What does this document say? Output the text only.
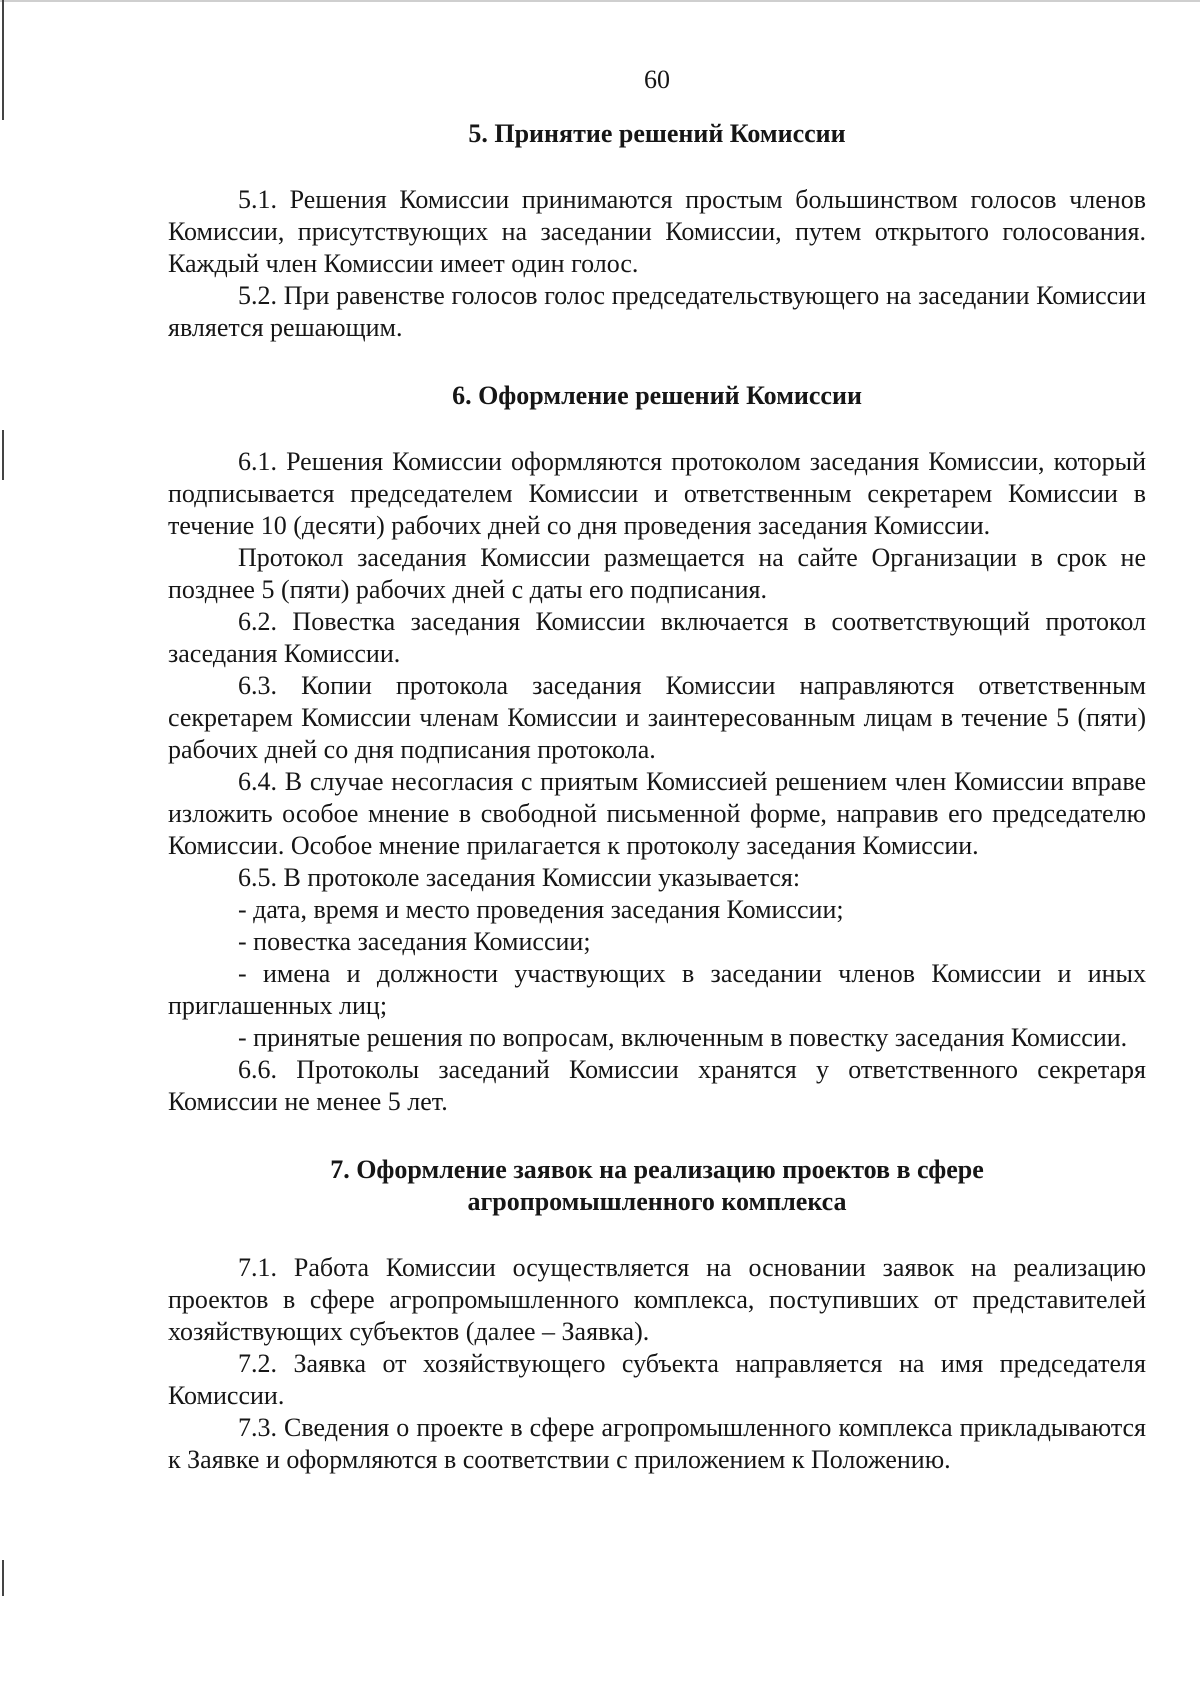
60
5. Принятие решений Комиссии

5.1. Решения Комиссии принимаются простым большинством голосов членов Комиссии, присутствующих на заседании Комиссии, путем открытого голосования. Каждый член Комиссии имеет один голос.

5.2. При равенстве голосов голос председательствующего на заседании Комиссии является решающим.

6. Оформление решений Комиссии

6.1. Решения Комиссии оформляются протоколом заседания Комиссии, который подписывается председателем Комиссии и ответственным секретарем Комиссии в течение 10 (десяти) рабочих дней со дня проведения заседания Комиссии.

Протокол заседания Комиссии размещается на сайте Организации в срок не позднее 5 (пяти) рабочих дней с даты его подписания.

6.2. Повестка заседания Комиссии включается в соответствующий протокол заседания Комиссии.

6.3. Копии протокола заседания Комиссии направляются ответственным секретарем Комиссии членам Комиссии и заинтересованным лицам в течение 5 (пяти) рабочих дней со дня подписания протокола.

6.4. В случае несогласия с приятым Комиссией решением член Комиссии вправе изложить особое мнение в свободной письменной форме, направив его председателю Комиссии. Особое мнение прилагается к протоколу заседания Комиссии.

6.5. В протоколе заседания Комиссии указывается:

- дата, время и место проведения заседания Комиссии;

- повестка заседания Комиссии;

- имена и должности участвующих в заседании членов Комиссии и иных приглашенных лиц;

- принятые решения по вопросам, включенным в повестку заседания Комиссии.

6.6. Протоколы заседаний Комиссии хранятся у ответственного секретаря Комиссии не менее 5 лет.

7. Оформление заявок на реализацию проектов в сфере
агропромышленного комплекса

7.1. Работа Комиссии осуществляется на основании заявок на реализацию проектов в сфере агропромышленного комплекса, поступивших от представителей хозяйствующих субъектов (далее – Заявка).

7.2. Заявка от хозяйствующего субъекта направляется на имя председателя Комиссии.

7.3. Сведения о проекте в сфере агропромышленного комплекса прикладываются к Заявке и оформляются в соответствии с приложением к Положению.
